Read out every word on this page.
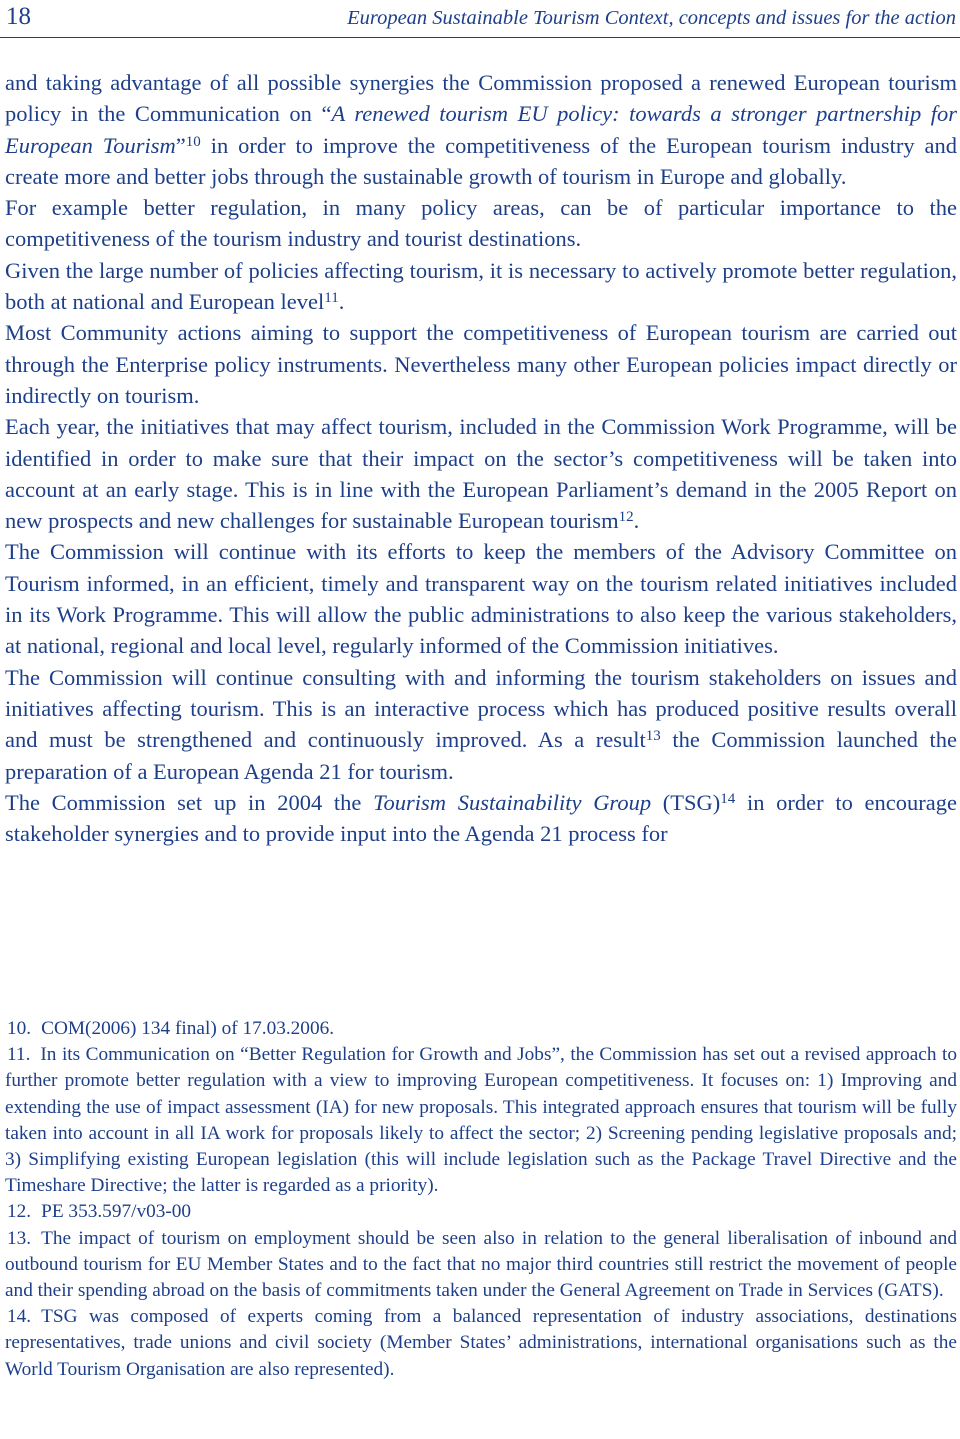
18	European Sustainable Tourism Context, concepts and issues for the action

and taking advantage of all possible synergies the Commission proposed a renewed European tourism policy in the Communication on “A renewed tourism EU policy: towards a stronger partnership for European Tourism”$^{10}$ in order to improve the competitiveness of the European tourism industry and create more and better jobs through the sustainable growth of tourism in Europe and globally.

For example better regulation, in many policy areas, can be of particular importance to the competitiveness of the tourism industry and tourist destinations.

Given the large number of policies affecting tourism, it is necessary to actively promote better regulation, both at national and European level$^{11}$.

Most Community actions aiming to support the competitiveness of European tourism are carried out through the Enterprise policy instruments. Nevertheless many other European policies impact directly or indirectly on tourism.

Each year, the initiatives that may affect tourism, included in the Commission Work Programme, will be identified in order to make sure that their impact on the sector’s competitiveness will be taken into account at an early stage. This is in line with the European Parliament’s demand in the 2005 Report on new prospects and new challenges for sustainable European tourism$^{12}$.

The Commission will continue with its efforts to keep the members of the Advisory Committee on Tourism informed, in an efficient, timely and transparent way on the tourism related initiatives included in its Work Programme. This will allow the public administrations to also keep the various stakeholders, at national, regional and local level, regularly informed of the Commission initiatives.

The Commission will continue consulting with and informing the tourism stakeholders on issues and initiatives affecting tourism. This is an interactive process which has produced positive results overall and must be strengthened and continuously improved. As a result$^{13}$ the Commission launched the preparation of a European Agenda 21 for tourism.

The Commission set up in 2004 the Tourism Sustainability Group (TSG)$^{14}$ in order to encourage stakeholder synergies and to provide input into the Agenda 21 process for

10. COM(2006) 134 final) of 17.03.2006.

11. In its Communication on “Better Regulation for Growth and Jobs”, the Commission has set out a revised approach to further promote better regulation with a view to improving European competitiveness. It focuses on: 1) Improving and extending the use of impact assessment (IA) for new proposals. This integrated approach ensures that tourism will be fully taken into account in all IA work for proposals likely to affect the sector; 2) Screening pending legislative proposals and; 3) Simplifying existing European legislation (this will include legislation such as the Package Travel Directive and the Timeshare Directive; the latter is regarded as a priority).

12. PE 353.597/v03-00

13. The impact of tourism on employment should be seen also in relation to the general liberalisation of inbound and outbound tourism for EU Member States and to the fact that no major third countries still restrict the movement of people and their spending abroad on the basis of commitments taken under the General Agreement on Trade in Services (GATS).

14. TSG was composed of experts coming from a balanced representation of industry associations, destinations representatives, trade unions and civil society (Member States’ administrations, international organisations such as the World Tourism Organisation are also represented).
